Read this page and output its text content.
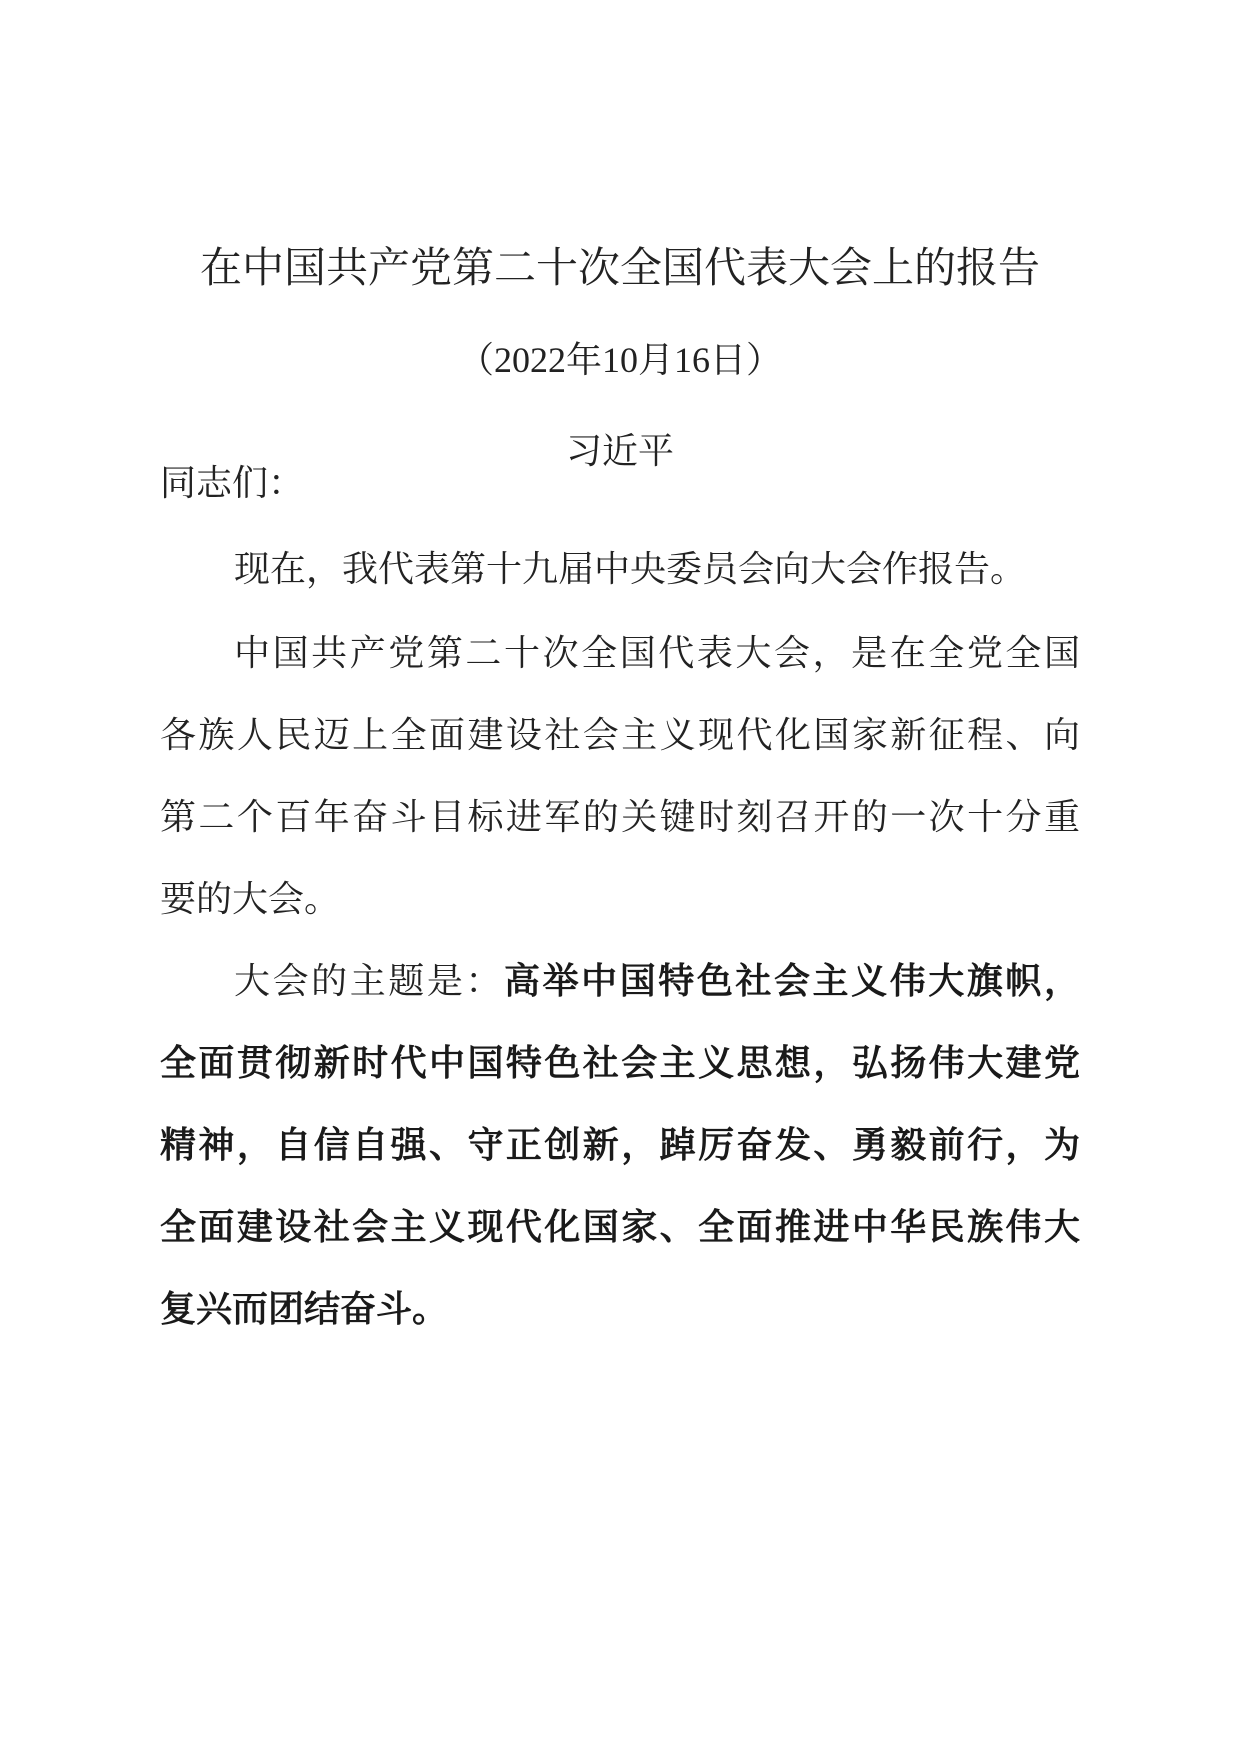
在中国共产党第二十次全国代表大会上的报告
（2022年10月16日）
习近平
同志们：
现在，我代表第十九届中央委员会向大会作报告。
中国共产党第二十次全国代表大会，是在全党全国
各族人民迈上全面建设社会主义现代化国家新征程、向
第二个百年奋斗目标进军的关键时刻召开的一次十分重
要的大会。
大会的主题是：高举中国特色社会主义伟大旗帜，
全面贯彻新时代中国特色社会主义思想，弘扬伟大建党
精神，自信自强、守正创新，踔厉奋发、勇毅前行，为
全面建设社会主义现代化国家、全面推进中华民族伟大
复兴而团结奋斗。
